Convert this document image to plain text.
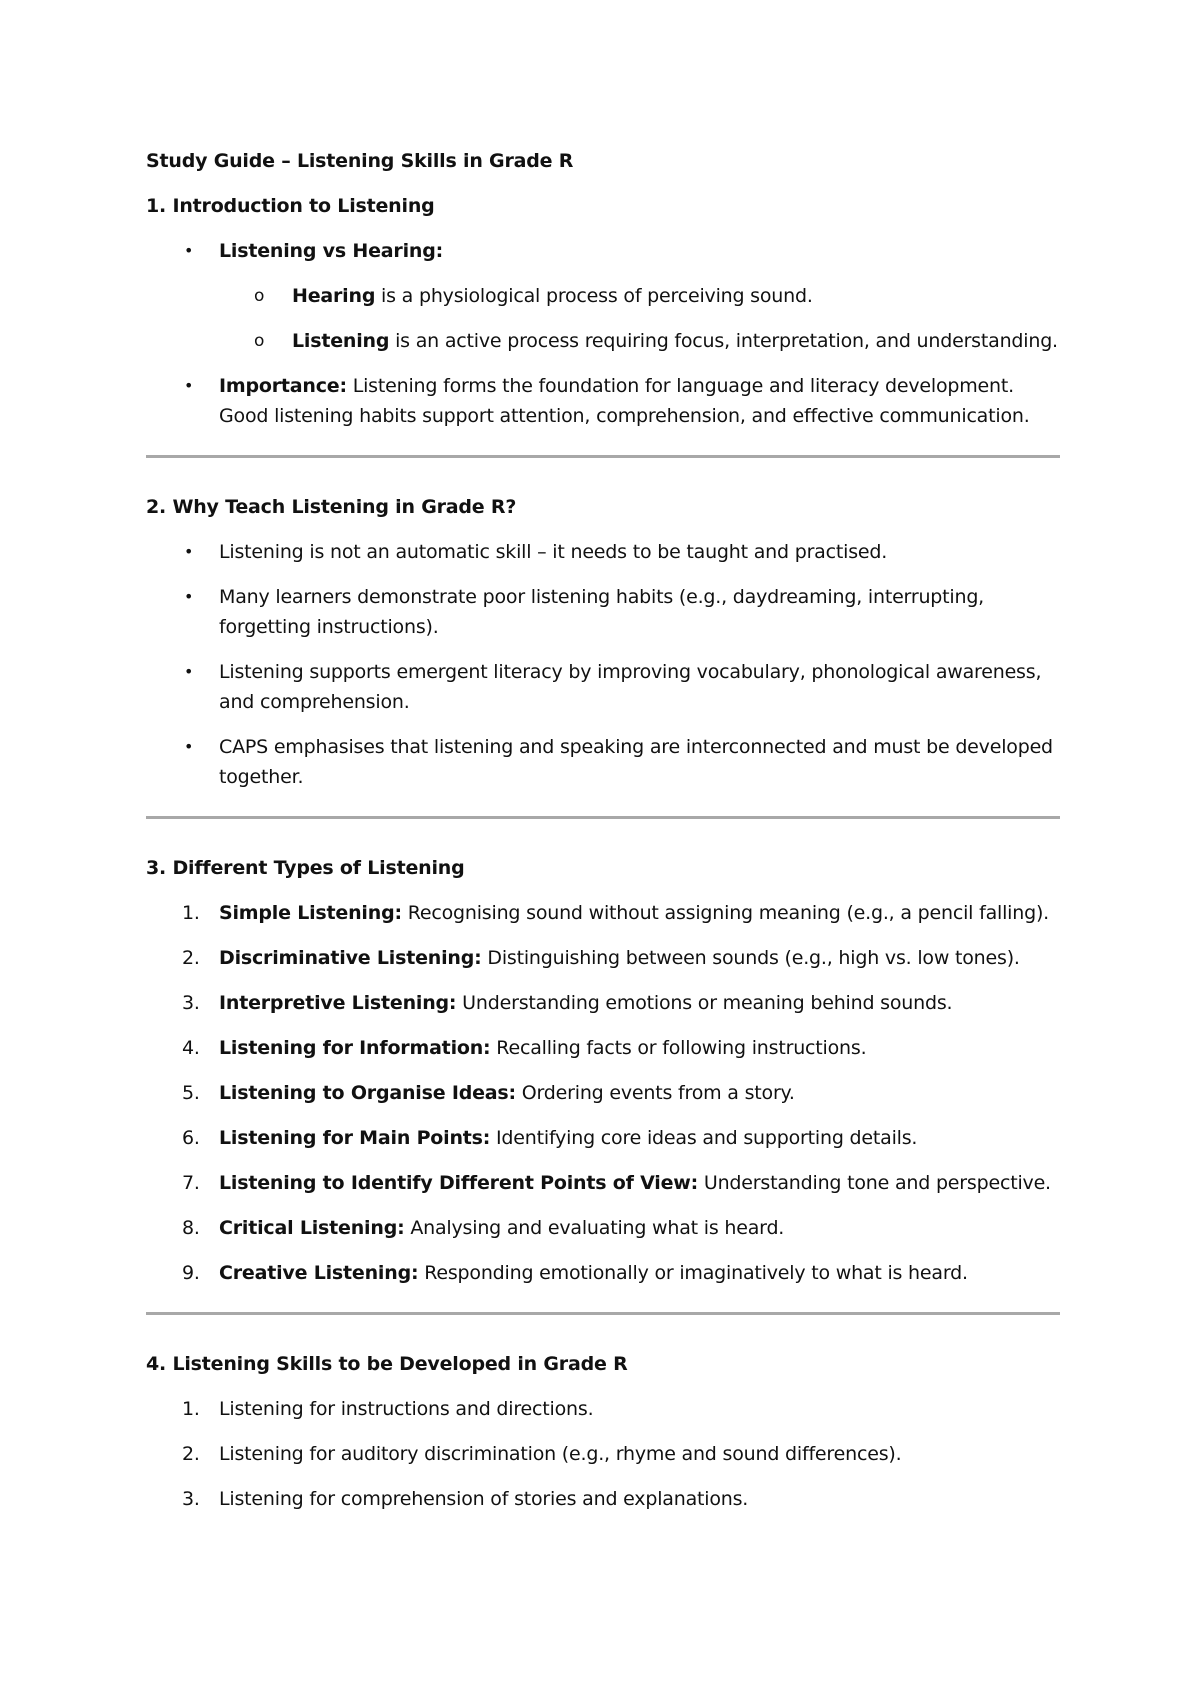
Study Guide – Listening Skills in Grade R

1. Introduction to Listening

• Listening vs Hearing:
o Hearing is a physiological process of perceiving sound.
o Listening is an active process requiring focus, interpretation, and understanding.
• Importance: Listening forms the foundation for language and literacy development. Good listening habits support attention, comprehension, and effective communication.

2. Why Teach Listening in Grade R?

• Listening is not an automatic skill – it needs to be taught and practised.
• Many learners demonstrate poor listening habits (e.g., daydreaming, interrupting, forgetting instructions).
• Listening supports emergent literacy by improving vocabulary, phonological awareness, and comprehension.
• CAPS emphasises that listening and speaking are interconnected and must be developed together.

3. Different Types of Listening

1.	Simple Listening: Recognising sound without assigning meaning (e.g., a pencil falling).
2.	Discriminative Listening: Distinguishing between sounds (e.g., high vs. low tones).
3.	Interpretive Listening: Understanding emotions or meaning behind sounds.
4.	Listening for Information: Recalling facts or following instructions.
5.	Listening to Organise Ideas: Ordering events from a story.
6.	Listening for Main Points: Identifying core ideas and supporting details.
7.	Listening to Identify Different Points of View: Understanding tone and perspective.
8.	Critical Listening: Analysing and evaluating what is heard.
9.	Creative Listening: Responding emotionally or imaginatively to what is heard.

4. Listening Skills to be Developed in Grade R

1.	Listening for instructions and directions.
2.	Listening for auditory discrimination (e.g., rhyme and sound differences).
3.	Listening for comprehension of stories and explanations.
